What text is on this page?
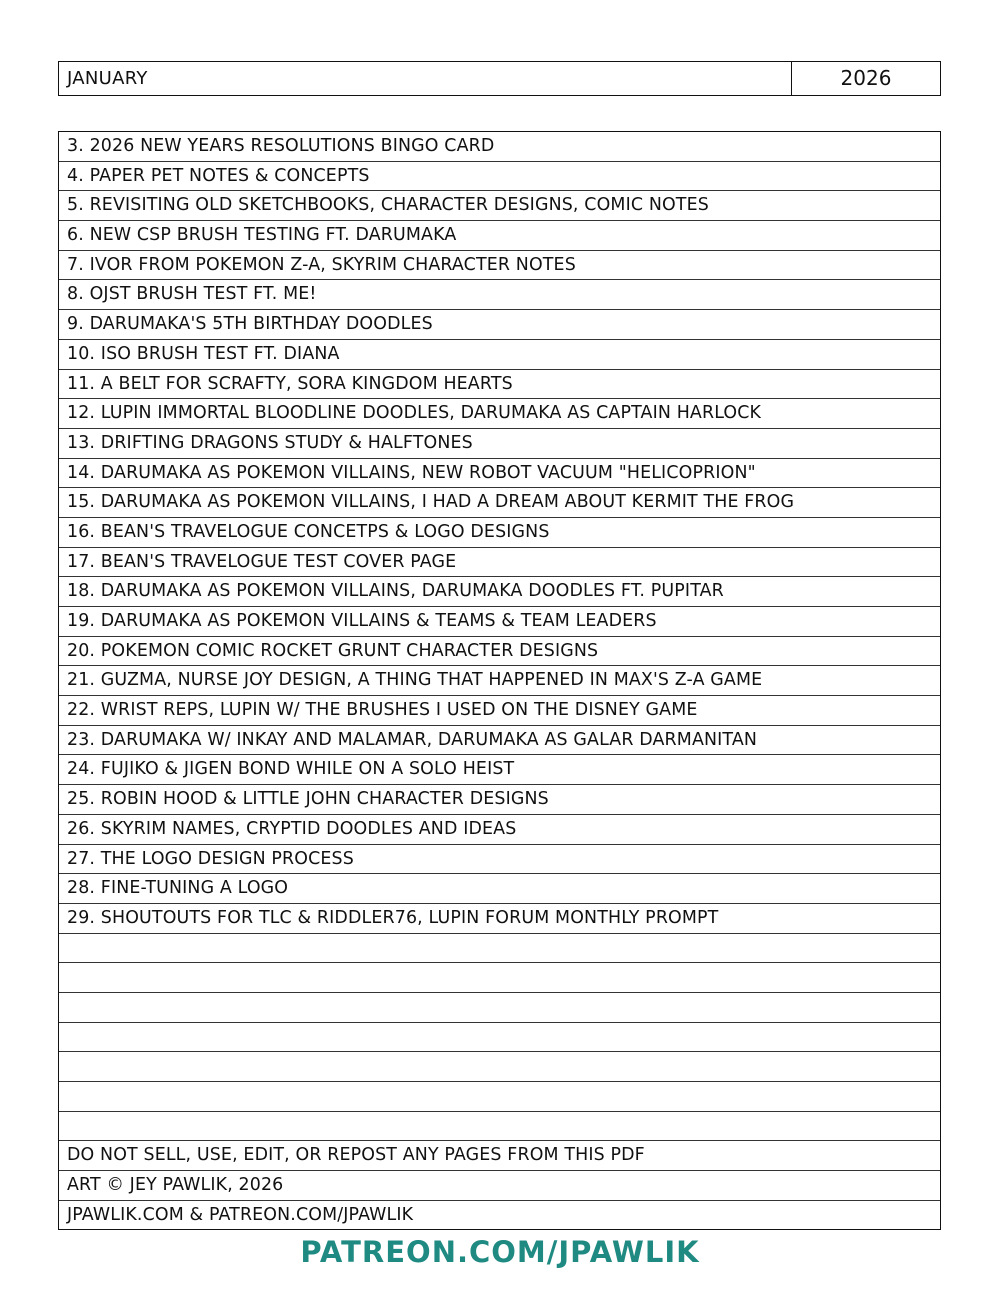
JANUARY	2026
3. 2026 NEW YEARS RESOLUTIONS BINGO CARD
4. PAPER PET NOTES & CONCEPTS
5. REVISITING OLD SKETCHBOOKS, CHARACTER DESIGNS, COMIC NOTES
6. NEW CSP BRUSH TESTING FT. DARUMAKA
7. IVOR FROM POKEMON Z-A, SKYRIM CHARACTER NOTES
8. OJST BRUSH TEST FT. ME!
9. DARUMAKA'S 5TH BIRTHDAY DOODLES
10. ISO BRUSH TEST FT. DIANA
11. A BELT FOR SCRAFTY, SORA KINGDOM HEARTS
12. LUPIN IMMORTAL BLOODLINE DOODLES, DARUMAKA AS CAPTAIN HARLOCK
13. DRIFTING DRAGONS STUDY & HALFTONES
14. DARUMAKA AS POKEMON VILLAINS, NEW ROBOT VACUUM "HELICOPRION"
15. DARUMAKA AS POKEMON VILLAINS, I HAD A DREAM ABOUT KERMIT THE FROG
16. BEAN'S TRAVELOGUE CONCETPS & LOGO DESIGNS
17. BEAN'S TRAVELOGUE TEST COVER PAGE
18. DARUMAKA AS POKEMON VILLAINS, DARUMAKA DOODLES FT. PUPITAR
19. DARUMAKA AS POKEMON VILLAINS & TEAMS & TEAM LEADERS
20. POKEMON COMIC ROCKET GRUNT CHARACTER DESIGNS
21. GUZMA, NURSE JOY DESIGN, A THING THAT HAPPENED IN MAX'S Z-A GAME
22. WRIST REPS, LUPIN W/ THE BRUSHES I USED ON THE DISNEY GAME
23. DARUMAKA W/ INKAY AND MALAMAR, DARUMAKA AS GALAR DARMANITAN
24. FUJIKO & JIGEN BOND WHILE ON A SOLO HEIST
25. ROBIN HOOD & LITTLE JOHN CHARACTER DESIGNS
26. SKYRIM NAMES, CRYPTID DOODLES AND IDEAS
27. THE LOGO DESIGN PROCESS
28. FINE-TUNING A LOGO
29. SHOUTOUTS FOR TLC & RIDDLER76, LUPIN FORUM MONTHLY PROMPT
DO NOT SELL, USE, EDIT, OR REPOST ANY PAGES FROM THIS PDF
ART © JEY PAWLIK, 2026
JPAWLIK.COM & PATREON.COM/JPAWLIK
PATREON.COM/JPAWLIK
